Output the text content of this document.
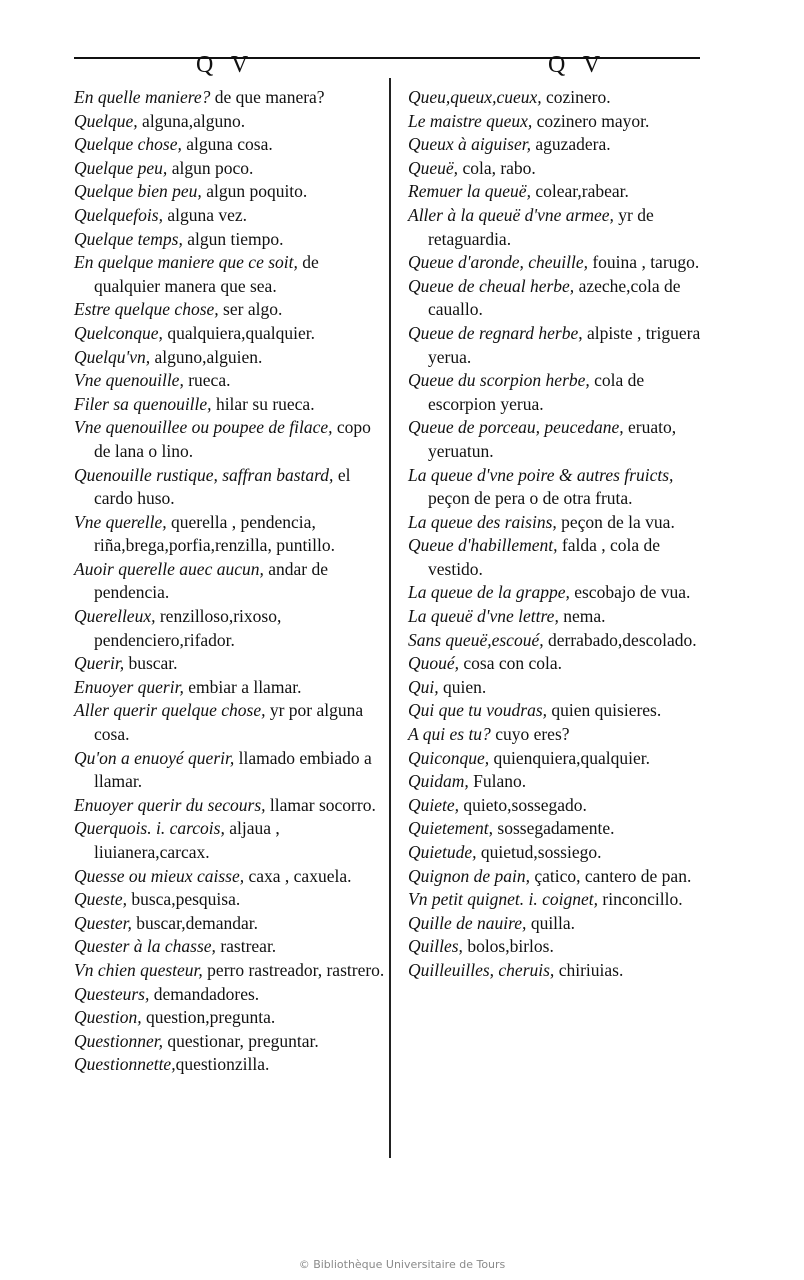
Q V	Q V

En quelle maniere? de que manera?

Quelque, alguna,alguno.

Quelque chose, alguna cosa.

Quelque peu, algun poco.

Quelque bien peu, algun poquito.

Quelquefois, alguna vez.

Quelque temps, algun tiempo.

En quelque maniere que ce soit, de qualquier manera que sea.

Estre quelque chose, ser algo.

Quelconque, qualquiera,qualquier.

Quelqu'vn, alguno,alguien.

Vne quenouille, rueca.

Filer sa quenouille, hilar su rueca.

Vne quenouillee ou poupee de filace, copo de lana o lino.

Quenouille rustique, saffran bastard, el cardo huso.

Vne querelle, querella , pendencia, riña,brega,porfia,renzilla, puntillo.

Auoir querelle auec aucun, andar de pendencia.

Querelleux, renzilloso,rixoso, pendenciero,rifador.

Querir, buscar.

Enuoyer querir, embiar a llamar.

Aller querir quelque chose, yr por alguna cosa.

Qu'on a enuoyé querir, llamado embiado a llamar.

Enuoyer querir du secours, llamar socorro.

Querquois. i. carcois, aljaua , liuianera,carcax.

Quesse ou mieux caisse, caxa , caxuela.

Queste, busca,pesquisa.

Quester, buscar,demandar.

Quester à la chasse, rastrear.

Vn chien questeur, perro rastreador, rastrero.

Questeurs, demandadores.

Question, question,pregunta.

Questionner, questionar, preguntar.

Questionnette,questionzilla.

Queu,queux,cueux, cozinero.

Le maistre queux, cozinero mayor.

Queux à aiguiser, aguzadera.

Queuë, cola, rabo.

Remuer la queuë, colear,rabear.

Aller à la queuë d'vne armee, yr de retaguardia.

Queue d'aronde, cheuille, fouina , tarugo.

Queue de cheual herbe, azeche,cola de cauallo.

Queue de regnard herbe, alpiste , triguera yerua.

Queue du scorpion herbe, cola de escorpion yerua.

Queue de porceau, peucedane, eruato, yeruatun.

La queue d'vne poire & autres fruicts, peçon de pera o de otra fruta.

La queue des raisins, peçon de la vua.

Queue d'habillement, falda , cola de vestido.

La queue de la grappe, escobajo de vua.

La queuë d'vne lettre, nema.

Sans queuë,escoué, derrabado,descolado.

Quoué, cosa con cola.

Qui, quien.

Qui que tu voudras, quien quisieres.

A qui es tu? cuyo eres?

Quiconque, quienquiera,qualquier.

Quidam, Fulano.

Quiete, quieto,sossegado.

Quietement, sossegadamente.

Quietude, quietud,sossiego.

Quignon de pain, çatico, cantero de pan.

Vn petit quignet. i. coignet, rinconcillo.

Quille de nauire, quilla.

Quilles, bolos,birlos.

Quilleuilles, cheruis, chiriuias.

© Bibliothèque Universitaire de Tours
